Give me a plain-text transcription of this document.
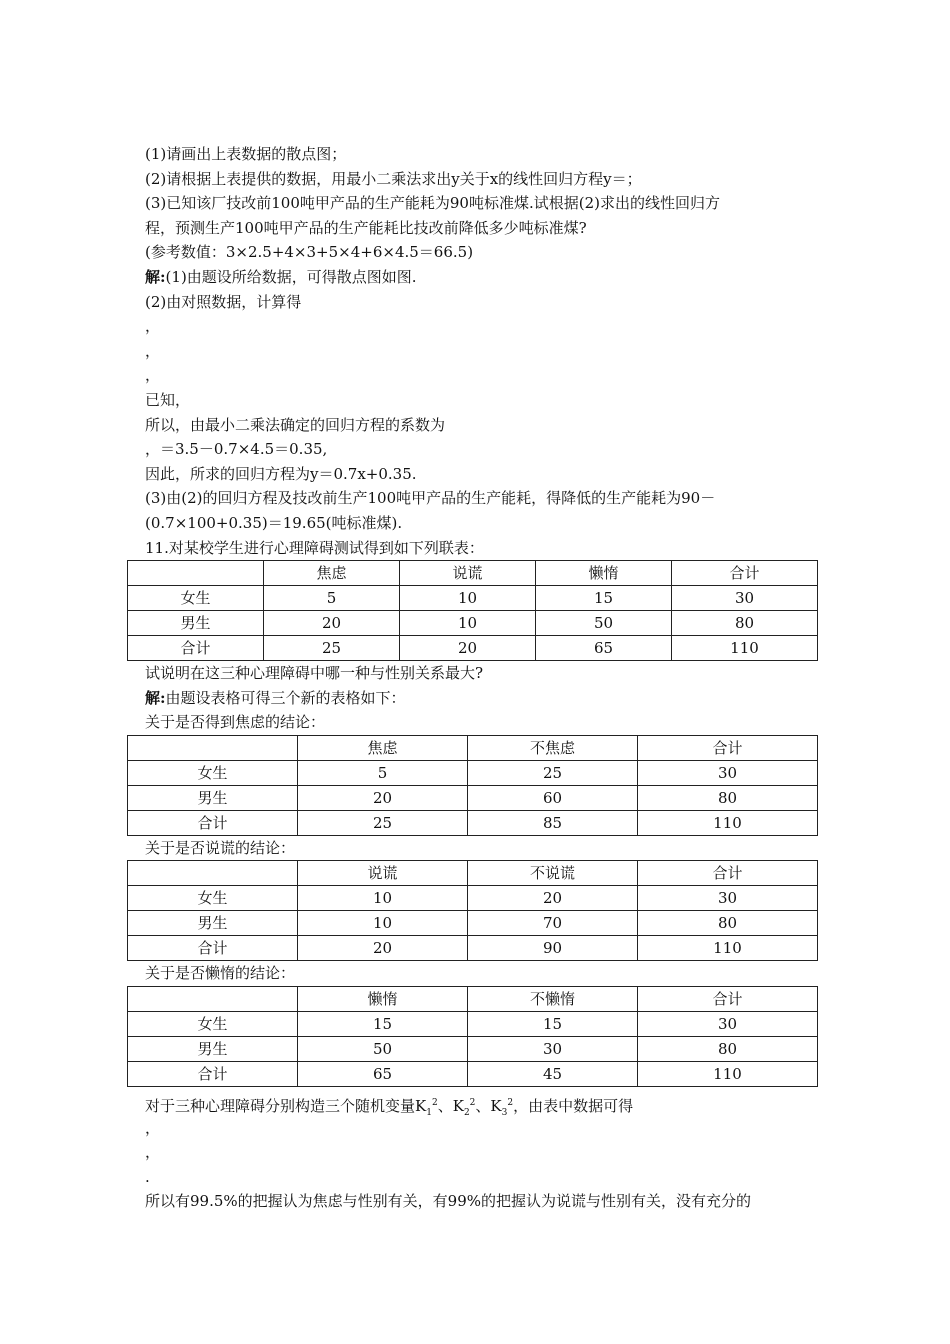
(1)请画出上表数据的散点图；
(2)请根据上表提供的数据，用最小二乘法求出y关于x的线性回归方程y＝；
(3)已知该厂技改前100吨甲产品的生产能耗为90吨标准煤.试根据(2)求出的线性回归方
程，预测生产100吨甲产品的生产能耗比技改前降低多少吨标准煤?
(参考数值：3×2.5+4×3+5×4+6×4.5＝66.5)
解:(1)由题设所给数据，可得散点图如图.
(2)由对照数据，计算得
，
，
，
已知，
所以，由最小二乘法确定的回归方程的系数为
，＝3.5－0.7×4.5＝0.35,
因此，所求的回归方程为y＝0.7x+0.35.
(3)由(2)的回归方程及技改前生产100吨甲产品的生产能耗，得降低的生产能耗为90－
(0.7×100+0.35)＝19.65(吨标准煤).
11.对某校学生进行心理障碍测试得到如下列联表：
	焦虑	说谎	懒惰	合计
女生	5	10	15	30
男生	20	10	50	80
合计	25	20	65	110
试说明在这三种心理障碍中哪一种与性别关系最大?
解:由题设表格可得三个新的表格如下：
关于是否得到焦虑的结论：
	焦虑	不焦虑	合计
女生	5	25	30
男生	20	60	80
合计	25	85	110
关于是否说谎的结论：
	说谎	不说谎	合计
女生	10	20	30
男生	10	70	80
合计	20	90	110
关于是否懒惰的结论：
	懒惰	不懒惰	合计
女生	15	15	30
男生	50	30	80
合计	65	45	110
对于三种心理障碍分别构造三个随机变量$K_1^2$、$K_2^2$、$K_3^2$，由表中数据可得
，
，
.
所以有99.5%的把握认为焦虑与性别有关，有99%的把握认为说谎与性别有关，没有充分的
